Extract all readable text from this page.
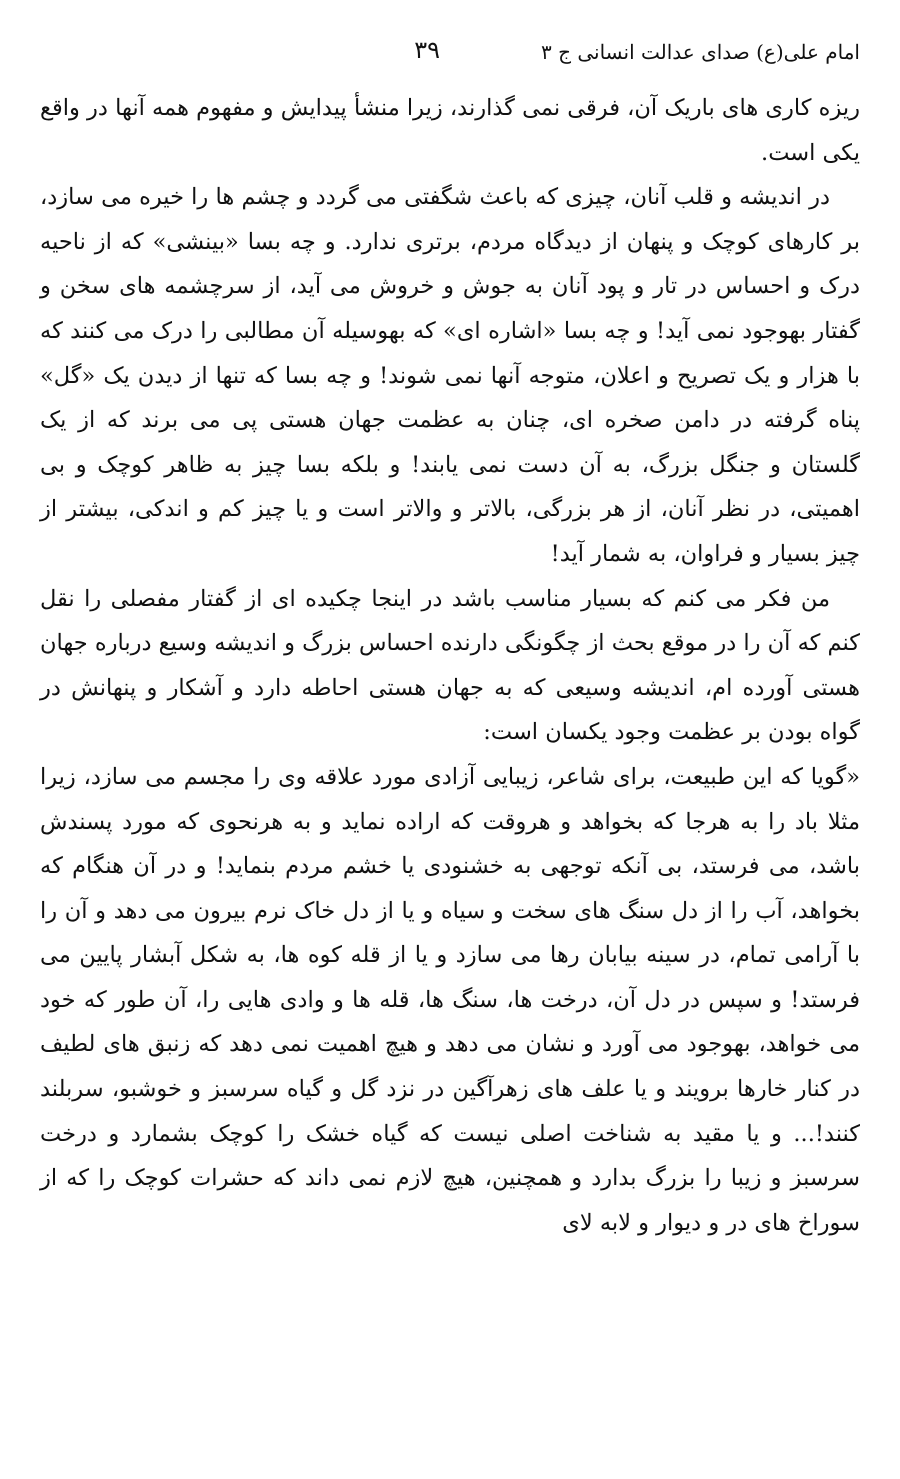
امام علی(ع) صدای عدالت انسانی ج ۳
۳۹

ریزه کاری های باریک آن، فرقی نمی گذارند، زیرا منشأ پیدایش و مفهوم همه آنها در واقع یکی است.

در اندیشه و قلب آنان، چیزی که باعث شگفتی می گردد و چشم ها را خیره می سازد، بر کارهای کوچک و پنهان از دیدگاه مردم، برتری ندارد. و چه بسا «بینشی» که از ناحیه درک و احساس در تار و پود آنان به جوش و خروش می آید، از سرچشمه های سخن و گفتار بهوجود نمی آید! و چه بسا «اشاره ای» که بهوسیله آن مطالبی را درک می کنند که با هزار و یک تصریح و اعلان، متوجه آنها نمی شوند! و چه بسا که تنها از دیدن یک «گل» پناه گرفته در دامن صخره ای، چنان به عظمت جهان هستی پی می برند که از یک گلستان و جنگل بزرگ، به آن دست نمی یابند! و بلکه بسا چیز به ظاهر کوچک و بی اهمیتی، در نظر آنان، از هر بزرگی، بالاتر و والاتر است و یا چیز کم و اندکی، بیشتر از چیز بسیار و فراوان، به شمار آید!

من فکر می کنم که بسیار مناسب باشد در اینجا چکیده ای از گفتار مفصلی را نقل کنم که آن را در موقع بحث از چگونگی دارنده احساس بزرگ و اندیشه وسیع درباره جهان هستی آورده ام، اندیشه وسیعی که به جهان هستی احاطه دارد و آشکار و پنهانش در گواه بودن بر عظمت وجود یکسان است:

«گویا که این طبیعت، برای شاعر، زیبایی آزادی مورد علاقه وی را مجسم می سازد، زیرا مثلا باد را به هرجا که بخواهد و هروقت که اراده نماید و به هرنحوی که مورد پسندش باشد، می فرستد، بی آنکه توجهی به خشنودی یا خشم مردم بنماید! و در آن هنگام که بخواهد، آب را از دل سنگ های سخت و سیاه و یا از دل خاک نرم بیرون می دهد و آن را با آرامی تمام، در سینه بیابان رها می سازد و یا از قله کوه ها، به شکل آبشار پایین می فرستد! و سپس در دل آن، درخت ها، سنگ ها، قله ها و وادی هایی را، آن طور که خود می خواهد، بهوجود می آورد و نشان می دهد و هیچ اهمیت نمی دهد که زنبق های لطیف در کنار خارها برویند و یا علف های زهرآگین در نزد گل و گیاه سرسبز و خوشبو، سربلند کنند!... و یا مقید به شناخت اصلی نیست که گیاه خشک را کوچک بشمارد و درخت سرسبز و زیبا را بزرگ بدارد و همچنین، هیچ لازم نمی داند که حشرات کوچک را که از سوراخ های در و دیوار و لابه لای
